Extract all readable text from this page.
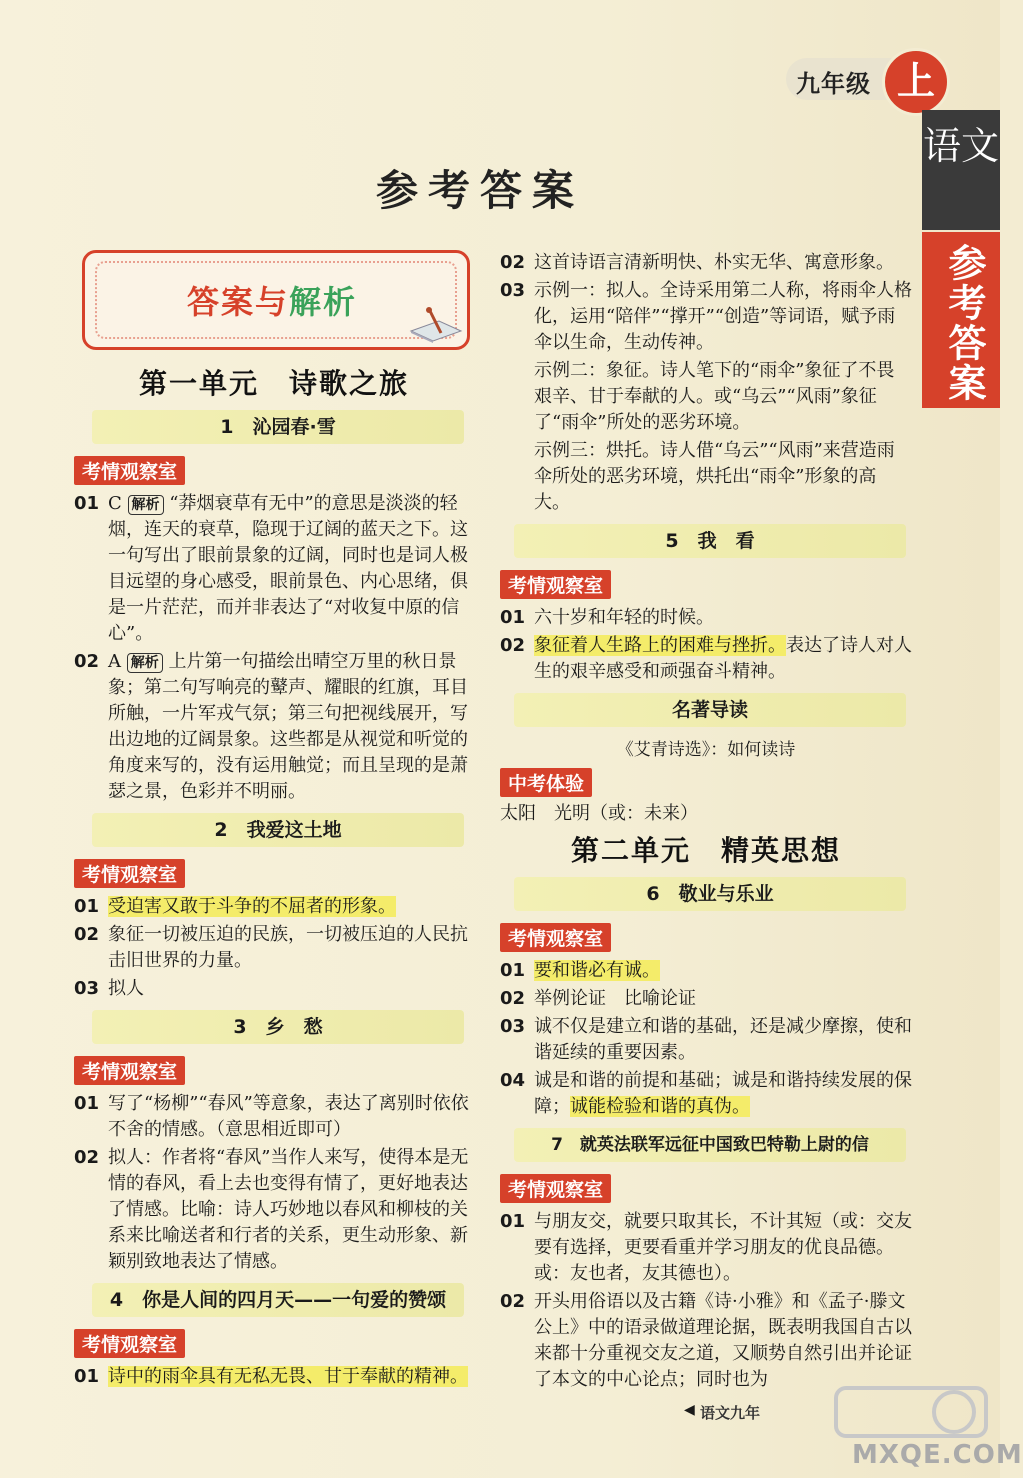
九年级 上
语文
参考答案
参考答案
答案与解析
第一单元　诗歌之旅
1　沁园春·雪
考情观察室
01 C 解析 “莽烟衰草有无中”的意思是淡淡的轻烟，连天的衰草，隐现于辽阔的蓝天之下。这一句写出了眼前景象的辽阔，同时也是词人极目远望的身心感受，眼前景色、内心思绪，俱是一片茫茫，而并非表达了“对收复中原的信心”。
02 A 解析 上片第一句描绘出晴空万里的秋日景象；第二句写响亮的鼙声、耀眼的红旗，耳目所触，一片军戎气氛；第三句把视线展开，写出边地的辽阔景象。这些都是从视觉和听觉的角度来写的，没有运用触觉；而且呈现的是萧瑟之景，色彩并不明丽。
2　我爱这土地
考情观察室
01 受迫害又敢于斗争的不屈者的形象。
02 象征一切被压迫的民族，一切被压迫的人民抗击旧世界的力量。
03 拟人
3　乡　愁
考情观察室
01 写了“杨柳”“春风”等意象，表达了离别时依依不舍的情感。（意思相近即可）
02 拟人：作者将“春风”当作人来写，使得本是无情的春风，看上去也变得有情了，更好地表达了情感。比喻：诗人巧妙地以春风和柳枝的关系来比喻送者和行者的关系，更生动形象、新颖别致地表达了情感。
4　你是人间的四月天——一句爱的赞颂
考情观察室
01 诗中的雨伞具有无私无畏、甘于奉献的精神。
02 这首诗语言清新明快、朴实无华、寓意形象。
03 示例一：拟人。全诗采用第二人称，将雨伞人格化，运用“陪伴”“撑开”“创造”等词语，赋予雨伞以生命，生动传神。
示例二：象征。诗人笔下的“雨伞”象征了不畏艰辛、甘于奉献的人。或“乌云”“风雨”象征了“雨伞”所处的恶劣环境。
示例三：烘托。诗人借“乌云”“风雨”来营造雨伞所处的恶劣环境，烘托出“雨伞”形象的高大。
5　我　看
考情观察室
01 六十岁和年轻的时候。
02 象征着人生路上的困难与挫折。表达了诗人对人生的艰辛感受和顽强奋斗精神。
名著导读
《艾青诗选》：如何读诗
中考体验
太阳　光明（或：未来）
第二单元　精英思想
6　敬业与乐业
考情观察室
01 要和谐必有诚。
02 举例论证　比喻论证
03 诚不仅是建立和谐的基础，还是减少摩擦，使和谐延续的重要因素。
04 诚是和谐的前提和基础；诚是和谐持续发展的保障；诚能检验和谐的真伪。
7　就英法联军远征中国致巴特勒上尉的信
考情观察室
01 与朋友交，就要只取其长，不计其短（或：交友要有选择，更要看重并学习朋友的优良品德。或：友也者，友其德也）。
02 开头用俗语以及古籍《诗·小雅》和《孟子·滕文公上》中的语录做道理论据，既表明我国自古以来都十分重视交友之道，又顺势自然引出并论证了本文的中心论点；同时也为
◀ 语文九年
MXQE.COM
